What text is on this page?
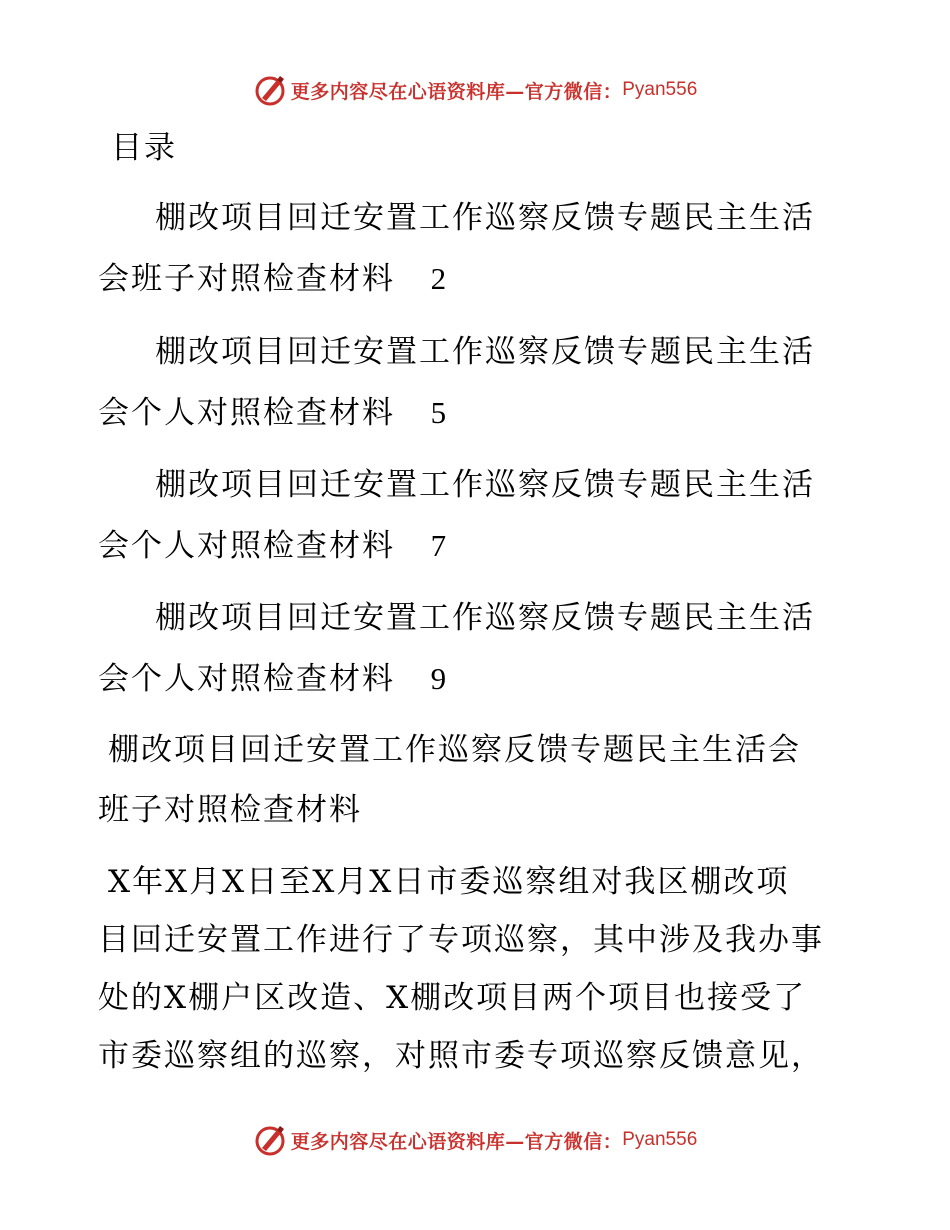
更多内容尽在心语资料库—官方微信： Pyan556
目录
棚改项目回迁安置工作巡察反馈专题民主生活
会班子对照检查材料 2
棚改项目回迁安置工作巡察反馈专题民主生活
会个人对照检查材料 5
棚改项目回迁安置工作巡察反馈专题民主生活
会个人对照检查材料 7
棚改项目回迁安置工作巡察反馈专题民主生活
会个人对照检查材料 9
棚改项目回迁安置工作巡察反馈专题民主生活会
班子对照检查材料
X年X月X日至X月X日市委巡察组对我区棚改项
目回迁安置工作进行了专项巡察，其中涉及我办事
处的X棚户区改造、X棚改项目两个项目也接受了
市委巡察组的巡察，对照市委专项巡察反馈意见，
更多内容尽在心语资料库—官方微信： Pyan556
